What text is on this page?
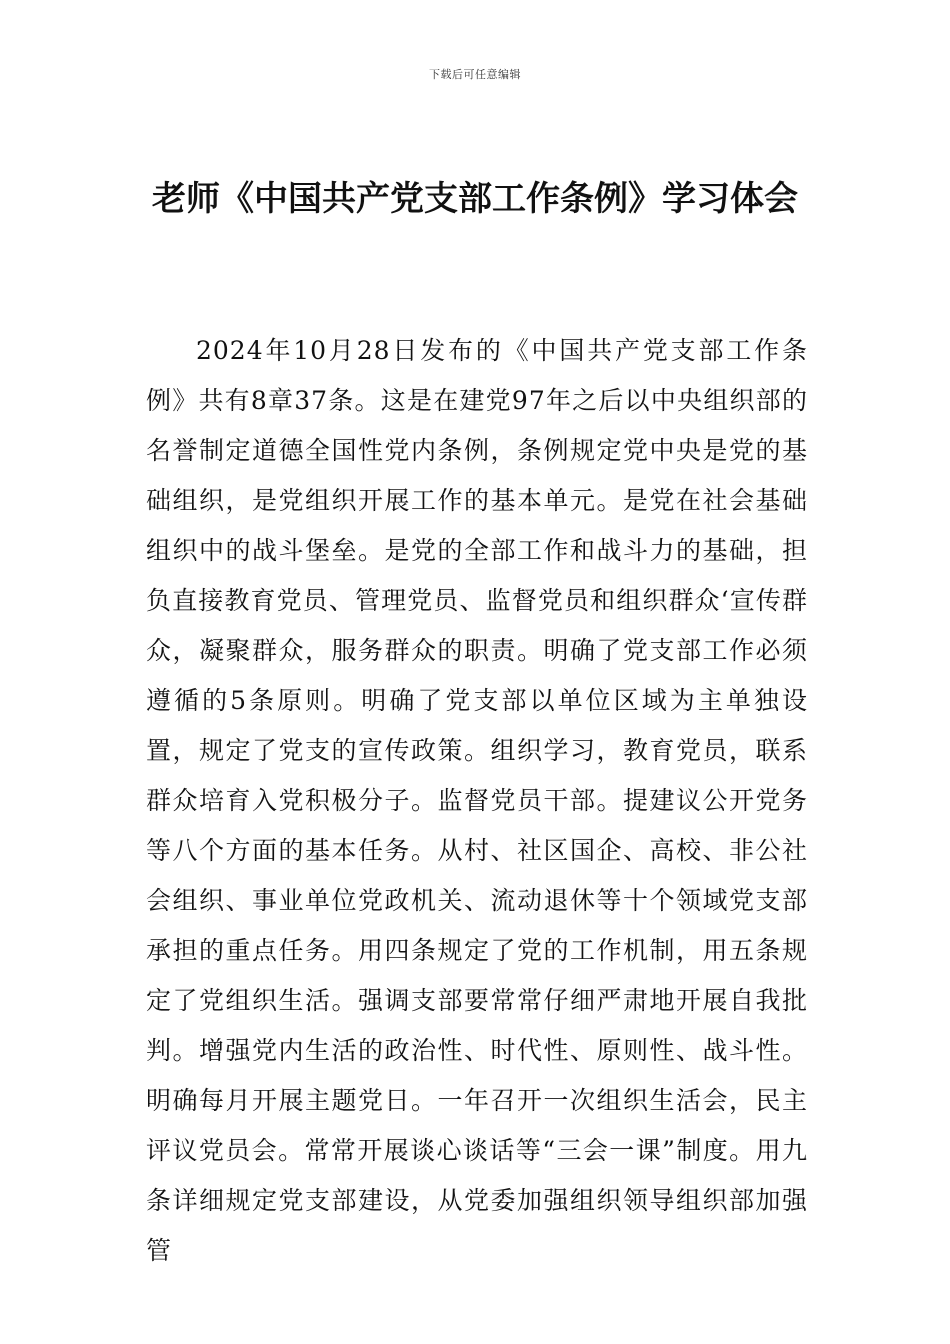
下载后可任意编辑
老师《中国共产党支部工作条例》学习体会

2024年10月28日发布的《中国共产党支部工作条例》共有8章37条。这是在建党97年之后以中央组织部的名誉制定道德全国性党内条例，条例规定党中央是党的基础组织，是党组织开展工作的基本单元。是党在社会基础组织中的战斗堡垒。是党的全部工作和战斗力的基础，担负直接教育党员、管理党员、监督党员和组织群众‘宣传群众，凝聚群众，服务群众的职责。明确了党支部工作必须遵循的5条原则。明确了党支部以单位区域为主单独设置，规定了党支的宣传政策。组织学习，教育党员，联系群众培育入党积极分子。监督党员干部。提建议公开党务等八个方面的基本任务。从村、社区国企、高校、非公社会组织、事业单位党政机关、流动退休等十个领域党支部承担的重点任务。用四条规定了党的工作机制，用五条规定了党组织生活。强调支部要常常仔细严肃地开展自我批判。增强党内生活的政治性、时代性、原则性、战斗性。明确每月开展主题党日。一年召开一次组织生活会，民主评议党员会。常常开展谈心谈话等“三会一课”制度。用九条详细规定党支部建设，从党委加强组织领导组织部加强管
